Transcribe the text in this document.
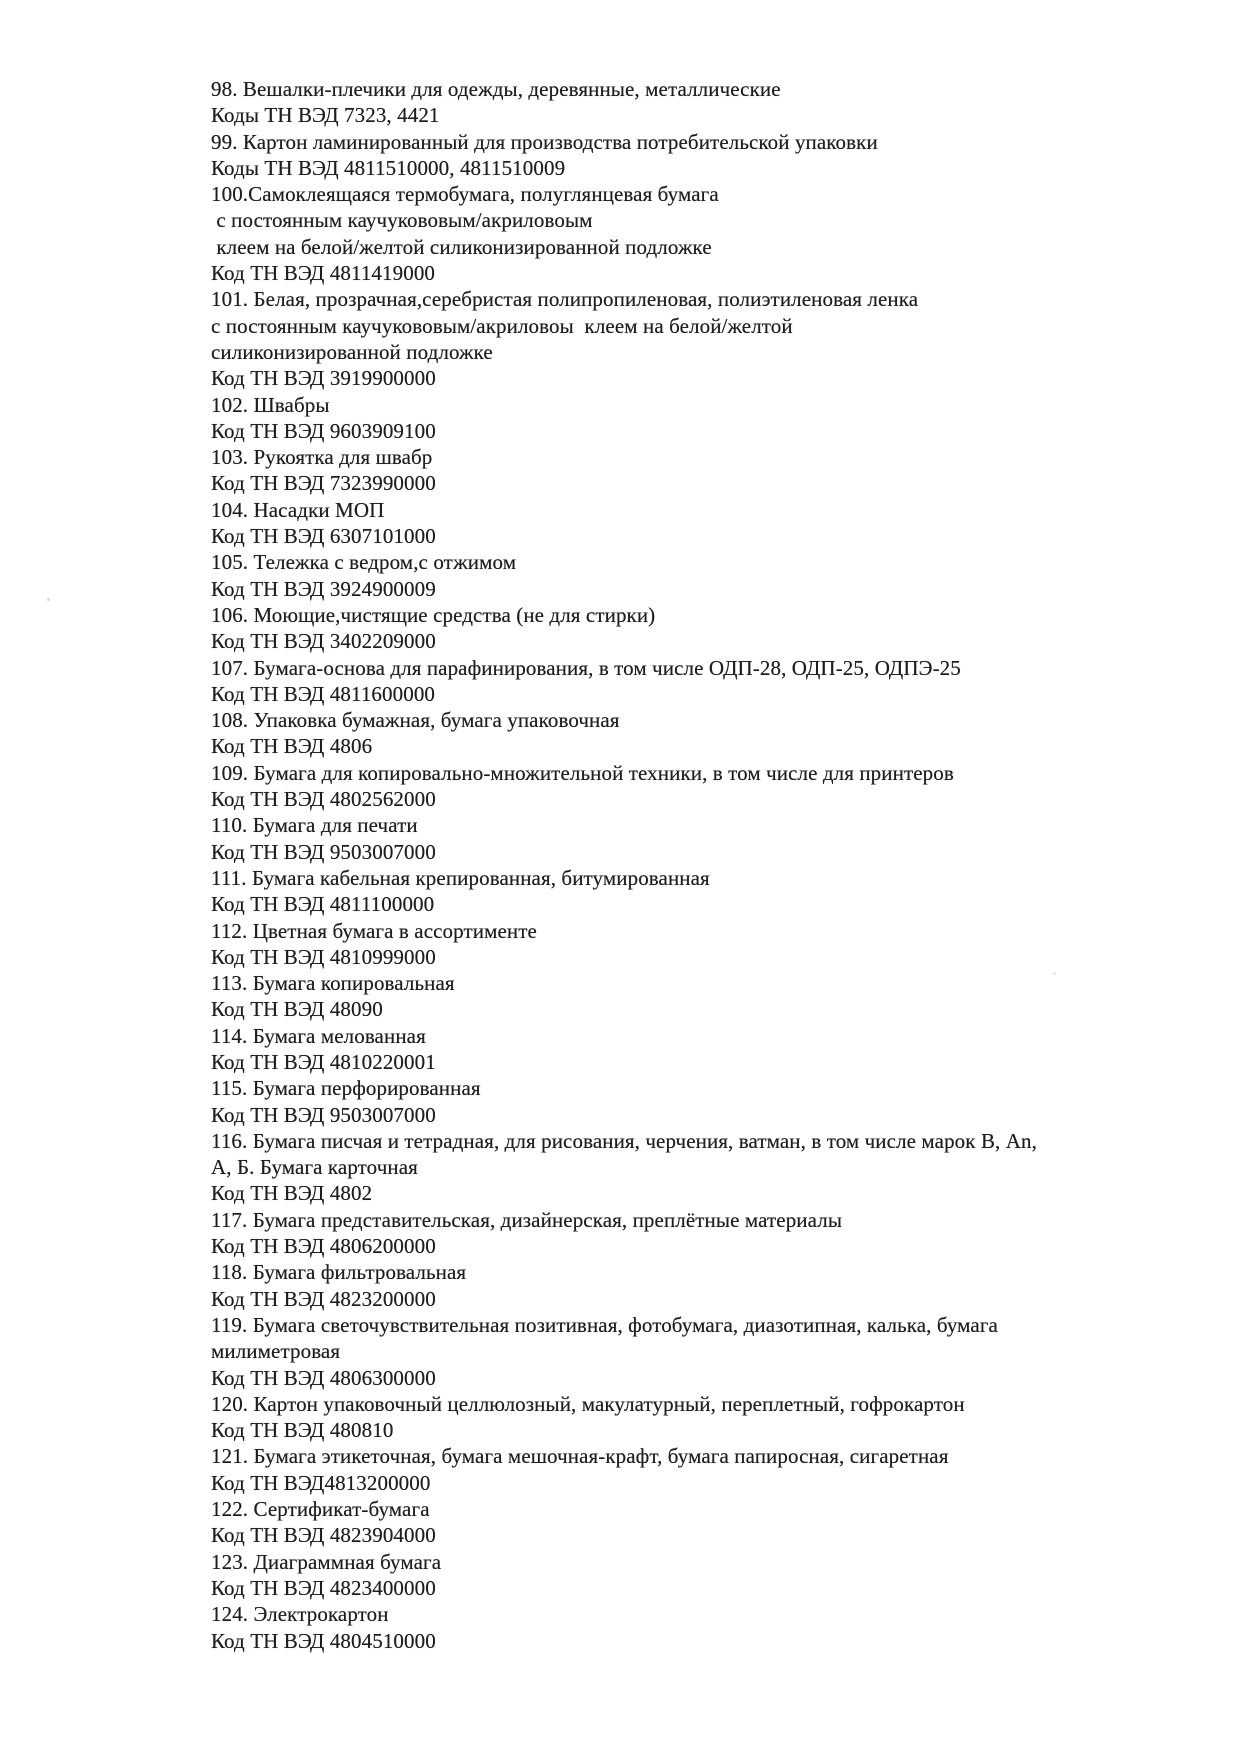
98. Вешалки-плечики для одежды, деревянные, металлические
Коды ТН ВЭД 7323, 4421
99. Картон ламинированный для производства потребительской упаковки
Коды ТН ВЭД 4811510000, 4811510009
100.Самоклеящаяся термобумага, полуглянцевая бумага
с постоянным каучукововым/акриловоым
клеем на белой/желтой силиконизированной подложке
Код ТН ВЭД 4811419000
101. Белая, прозрачная,серебристая полипропиленовая, полиэтиленовая ленка
с постоянным каучукововым/акриловоы  клеем на белой/желтой
силиконизированной подложке
Код ТН ВЭД 3919900000
102. Швабры
Код ТН ВЭД 9603909100
103. Рукоятка для швабр
Код ТН ВЭД 7323990000
104. Насадки МОП
Код ТН ВЭД 6307101000
105. Тележка с ведром,с отжимом
Код ТН ВЭД 3924900009
106. Моющие,чистящие средства (не для стирки)
Код ТН ВЭД 3402209000
107. Бумага-основа для парафинирования, в том числе ОДП-28, ОДП-25, ОДПЭ-25
Код ТН ВЭД 4811600000
108. Упаковка бумажная, бумага упаковочная
Код ТН ВЭД 4806
109. Бумага для копировально-множительной техники, в том числе для принтеров
Код ТН ВЭД 4802562000
110. Бумага для печати
Код ТН ВЭД 9503007000
111. Бумага кабельная крепированная, битумированная
Код ТН ВЭД 4811100000
112. Цветная бумага в ассортименте
Код ТН ВЭД 4810999000
113. Бумага копировальная
Код ТН ВЭД 48090
114. Бумага мелованная
Код ТН ВЭД 4810220001
115. Бумага перфорированная
Код ТН ВЭД 9503007000
116. Бумага писчая и тетрадная, для рисования, черчения, ватман, в том числе марок В, Аn,
А, Б. Бумага карточная
Код ТН ВЭД 4802
117. Бумага представительская, дизайнерская, преплётные материалы
Код ТН ВЭД 4806200000
118. Бумага фильтровальная
Код ТН ВЭД 4823200000
119. Бумага светочувствительная позитивная, фотобумага, диазотипная, калька, бумага
милиметровая
Код ТН ВЭД 4806300000
120. Картон упаковочный целлюлозный, макулатурный, переплетный, гофрокартон
Код ТН ВЭД 480810
121. Бумага этикеточная, бумага мешочная-крафт, бумага папиросная, сигаретная
Код ТН ВЭД4813200000
122. Сертификат-бумага
Код ТН ВЭД 4823904000
123. Диаграммная бумага
Код ТН ВЭД 4823400000
124. Электрокартон
Код ТН ВЭД 4804510000
